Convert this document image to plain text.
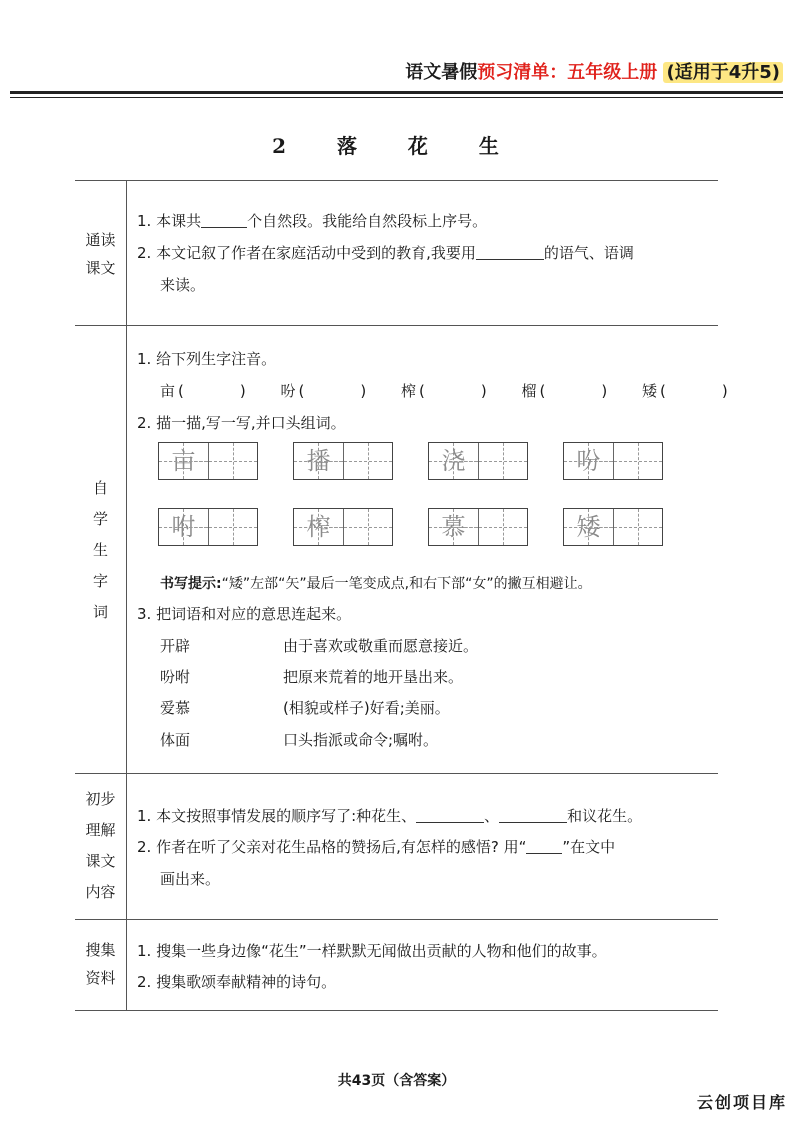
语文暑假预习清单：五年级上册 (适用于4升5)
2 落 花 生
通读
课文
1. 本课共	个自然段。我能给自然段标上序号。
2. 本文记叙了作者在家庭活动中受到的教育,我要用	的语气、语调
来读。
自
学
生
字
词
1. 给下列生字注音。
亩 (	) 吩 (	) 榨 (	) 榴 (	) 矮 (	)
2. 描一描,写一写,并口头组词。
亩	播	浇	吩
咐	榨	慕	矮
书写提示:“矮”左部“矢”最后一笔变成点,和右下部“女”的撇互相避让。
3. 把词语和对应的意思连起来。
开辟	由于喜欢或敬重而愿意接近。
吩咐	把原来荒着的地开垦出来。
爱慕	(相貌或样子)好看;美丽。
体面	口头指派或命令;嘱咐。
初步
理解
课文
内容
1. 本文按照事情发展的顺序写了:种花生、	、	和议花生。
2. 作者在听了父亲对花生品格的赞扬后,有怎样的感悟? 用“ ”在文中
画出来。
搜集
资料
1. 搜集一些身边像“花生”一样默默无闻做出贡献的人物和他们的故事。
2. 搜集歌颂奉献精神的诗句。
共43页（含答案）
云创项目库
